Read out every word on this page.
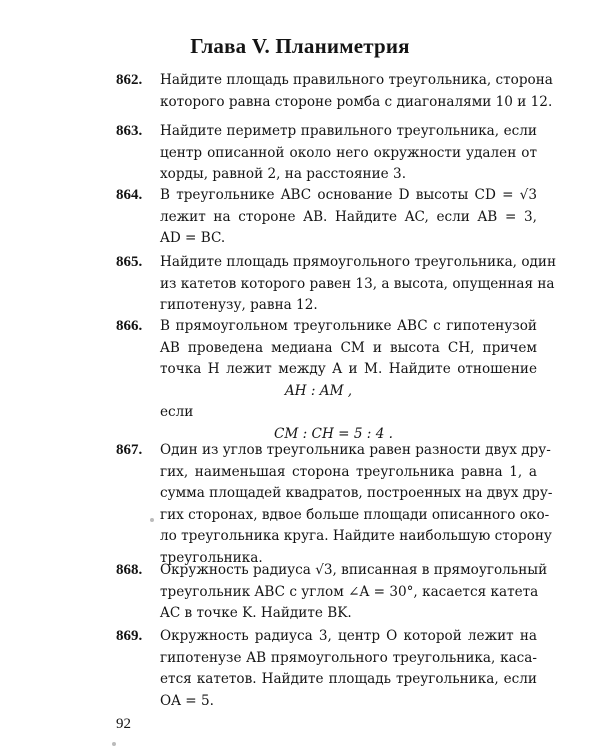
Глава V. Планиметрия
862. Найдите площадь правильного треугольника, сторона
которого равна стороне ромба с диагоналями 10 и 12.
863. Найдите периметр правильного треугольника, если
центр описанной около него окружности удален от
хорды, равной 2, на расстояние 3.
864. В треугольнике ABC основание D высоты CD = √3
лежит на стороне AB. Найдите AC, если AB = 3,
AD = BC.
865. Найдите площадь прямоугольного треугольника, один
из катетов которого равен 13, а высота, опущенная на
гипотенузу, равна 12.
866. В прямоугольном треугольнике ABC с гипотенузой
AB проведена медиана CM и высота CH, причем
точка H лежит между A и M. Найдите отношение
AH : AM ,
если
CM : CH = 5 : 4 .
867. Один из углов треугольника равен разности двух дру-
гих, наименьшая сторона треугольника равна 1, а
сумма площадей квадратов, построенных на двух дру-
гих сторонах, вдвое больше площади описанного око-
ло треугольника круга. Найдите наибольшую сторону
треугольника.
868. Окружность радиуса √3, вписанная в прямоугольный
треугольник ABC с углом ∠A = 30°, касается катета
AC в точке K. Найдите BK.
869. Окружность радиуса 3, центр O которой лежит на
гипотенузе AB прямоугольного треугольника, каса-
ется катетов. Найдите площадь треугольника, если
OA = 5.
92
